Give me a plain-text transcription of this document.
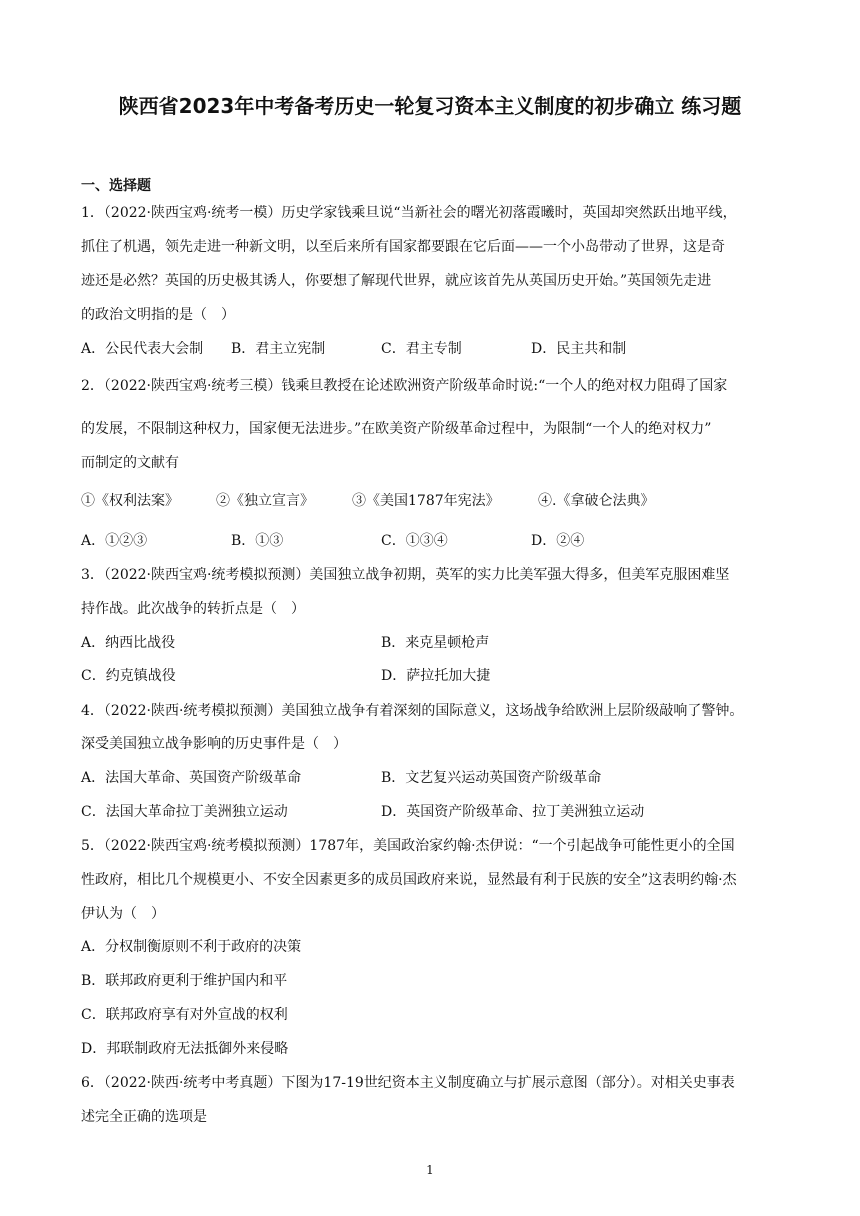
陕西省2023年中考备考历史一轮复习资本主义制度的初步确立 练习题
一、选择题
1．（2022·陕西宝鸡·统考一模）历史学家钱乘旦说“当新社会的曙光初落霞曦时，英国却突然跃出地平线，
抓住了机遇，领先走进一种新文明，以至后来所有国家都要跟在它后面——一个小岛带动了世界，这是奇
迹还是必然？英国的历史极其诱人，你要想了解现代世界，就应该首先从英国历史开始。”英国领先走进
的政治文明指的是（　）
A．公民代表大会制 B．君主立宪制	C．君主专制	D．民主共和制
2．（2022·陕西宝鸡·统考三模）钱乘旦教授在论述欧洲资产阶级革命时说:“一个人的绝对权力阻碍了国家
的发展，不限制这种权力，国家便无法进步。”在欧美资产阶级革命过程中，为限制“一个人的绝对权力”
而制定的文献有
①《权利法案》	②《独立宣言》	③《美国1787年宪法》	④.《拿破仑法典》
A．①②③	B．①③	C．①③④	D．②④
3．（2022·陕西宝鸡·统考模拟预测）美国独立战争初期，英军的实力比美军强大得多，但美军克服困难坚
持作战。此次战争的转折点是（　）
A．纳西比战役	B．来克星顿枪声
C．约克镇战役	D．萨拉托加大捷
4．（2022·陕西·统考模拟预测）美国独立战争有着深刻的国际意义，这场战争给欧洲上层阶级敲响了警钟。
深受美国独立战争影响的历史事件是（　）
A．法国大革命、英国资产阶级革命	B．文艺复兴运动英国资产阶级革命
C．法国大革命拉丁美洲独立运动	D．英国资产阶级革命、拉丁美洲独立运动
5．（2022·陕西宝鸡·统考模拟预测）1787年，美国政治家约翰·杰伊说：“一个引起战争可能性更小的全国
性政府，相比几个规模更小、不安全因素更多的成员国政府来说，显然最有利于民族的安全”这表明约翰·杰
伊认为（　）
A．分权制衡原则不利于政府的决策
B．联邦政府更利于维护国内和平
C．联邦政府享有对外宣战的权利
D．邦联制政府无法抵御外来侵略
6．（2022·陕西·统考中考真题）下图为17-19世纪资本主义制度确立与扩展示意图（部分）。对相关史事表
述完全正确的选项是
1
